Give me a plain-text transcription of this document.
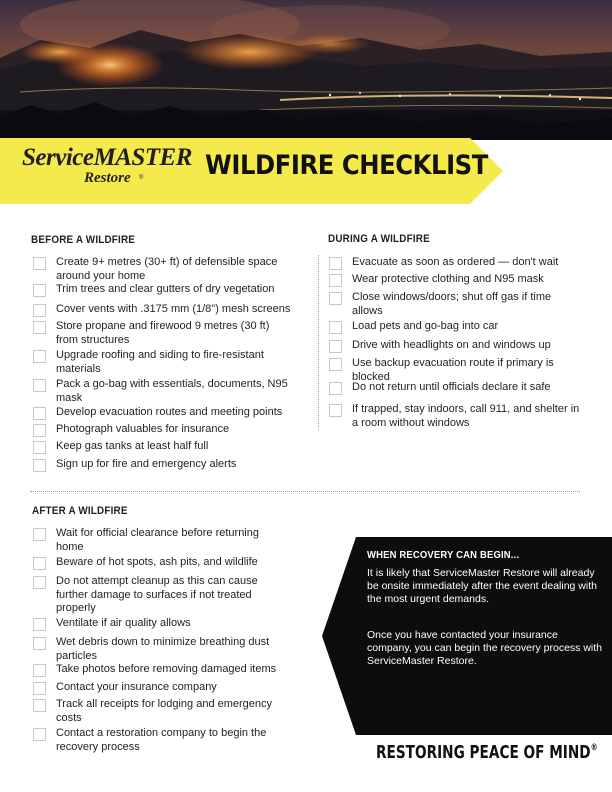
ServiceMASTER
Restore ® WILDFIRE CHECKLIST
BEFORE A WILDFIRE	DURING A WILDFIRE
AFTER A WILDFIRE
Create 9+ metres (30+ ft) of defensible space
around your home
Trim trees and clear gutters of dry vegetation
Cover vents with .3175 mm (1/8") mesh screens
Store propane and firewood 9 metres (30 ft)
from structures
Upgrade roofing and siding to fire-resistant
materials
Pack a go-bag with essentials, documents, N95
mask
Develop evacuation routes and meeting points
Photograph valuables for insurance
Keep gas tanks at least half full
Sign up for fire and emergency alerts
Evacuate as soon as ordered — don't wait
Wear protective clothing and N95 mask
Close windows/doors; shut off gas if time
allows
Load pets and go-bag into car
Drive with headlights on and windows up
Use backup evacuation route if primary is
blocked
Do not return until officials declare it safe
If trapped, stay indoors, call 911, and shelter in
a room without windows
Wait for official clearance before returning
home
Beware of hot spots, ash pits, and wildlife
Do not attempt cleanup as this can cause
further damage to surfaces if not treated
properly
Ventilate if air quality allows
Wet debris down to minimize breathing dust
particles
Take photos before removing damaged items
Contact your insurance company
Track all receipts for lodging and emergency
costs
Contact a restoration company to begin the
recovery process
WHEN RECOVERY CAN BEGIN...

It is likely that ServiceMaster Restore will already be onsite immediately after the event dealing with the most urgent demands.

Once you have contacted your insurance company, you can begin the recovery process with ServiceMaster Restore.

RESTORING PEACE OF MIND®
